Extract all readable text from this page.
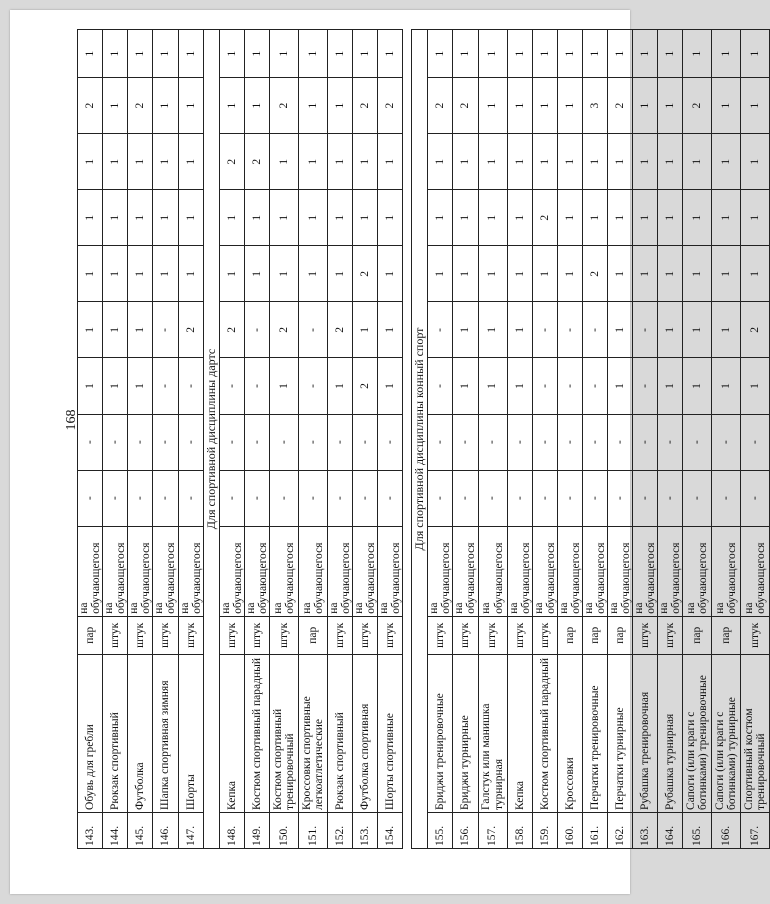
168
143.	Обувь для гребли	пар	на обучающегося	-	-	1	1	1	1	1	2	1
144.	Рюкзак спортивный	штук	на обучающегося	-	-	1	1	1	1	1	1	1
145.	Футболка	штук	на обучающегося	-	-	1	1	1	1	1	2	1
146.	Шапка спортивная зимняя	штук	на обучающегося	-	-	-	-	1	1	1	1	1
147.	Шорты	штук	на обучающегося	-	-	-	2	1	1	1	1	1
Для спортивной дисциплины дартс												
148.	Кепка	штук	на обучающегося	-	-	-	2	1	1	2	1	1
149.	Костюм спортивный парадный	штук	на обучающегося	-	-	-	-	1	1	2	1	1
150.	Костюм спортивный тренировочный	штук	на обучающегося	-	-	1	2	1	1	1	2	1
151.	Кроссовки спортивные легкоатлетические	пар	на обучающегося	-	-	-	-	1	1	1	1	1
152.	Рюкзак спортивный	штук	на обучающегося	-	-	1	2	1	1	1	1	1
153.	Футболка спортивная	штук	на обучающегося	-	-	2	1	2	1	1	2	1
154.	Шорты спортивные	штук	на обучающегося	-	-	1	1	1	1	1	2	1

Для спортивной дисциплины конный спорт												
155.	Бриджи тренировочные	штук	на обучающегося	-	-	-	-	1	1	1	2	1
156.	Бриджи турнирные	штук	на обучающегося	-	-	1	1	1	1	1	2	1
157.	Галстук или манишка турнирная	штук	на обучающегося	-	-	1	1	1	1	1	1	1
158.	Кепка	штук	на обучающегося	-	-	1	1	1	1	1	1	1
159.	Костюм спортивный парадный	штук	на обучающегося	-	-	-	-	1	2	1	1	1
160.	Кроссовки	пар	на обучающегося	-	-	-	-	1	1	1	1	1
161.	Перчатки тренировочные	пар	на обучающегося	-	-	-	-	2	1	1	3	1
162.	Перчатки турнирные	пар	на обучающегося	-	-	1	1	1	1	1	2	1
163.	Рубашка тренировочная	штук	на обучающегося	-	-	-	-	1	1	1	1	1
164.	Рубашка турнирная	штук	на обучающегося	-	-	1	1	1	1	1	1	1
165.	Сапоги (или краги с ботинками) тренировочные	пар	на обучающегося	-	-	1	1	1	1	1	2	1
166.	Сапоги (или краги с ботинками) турнирные	пар	на обучающегося	-	-	1	1	1	1	1	1	1
167.	Спортивный костюм тренировочный	штук	на обучающегося	-	-	1	2	1	1	1	1	1
